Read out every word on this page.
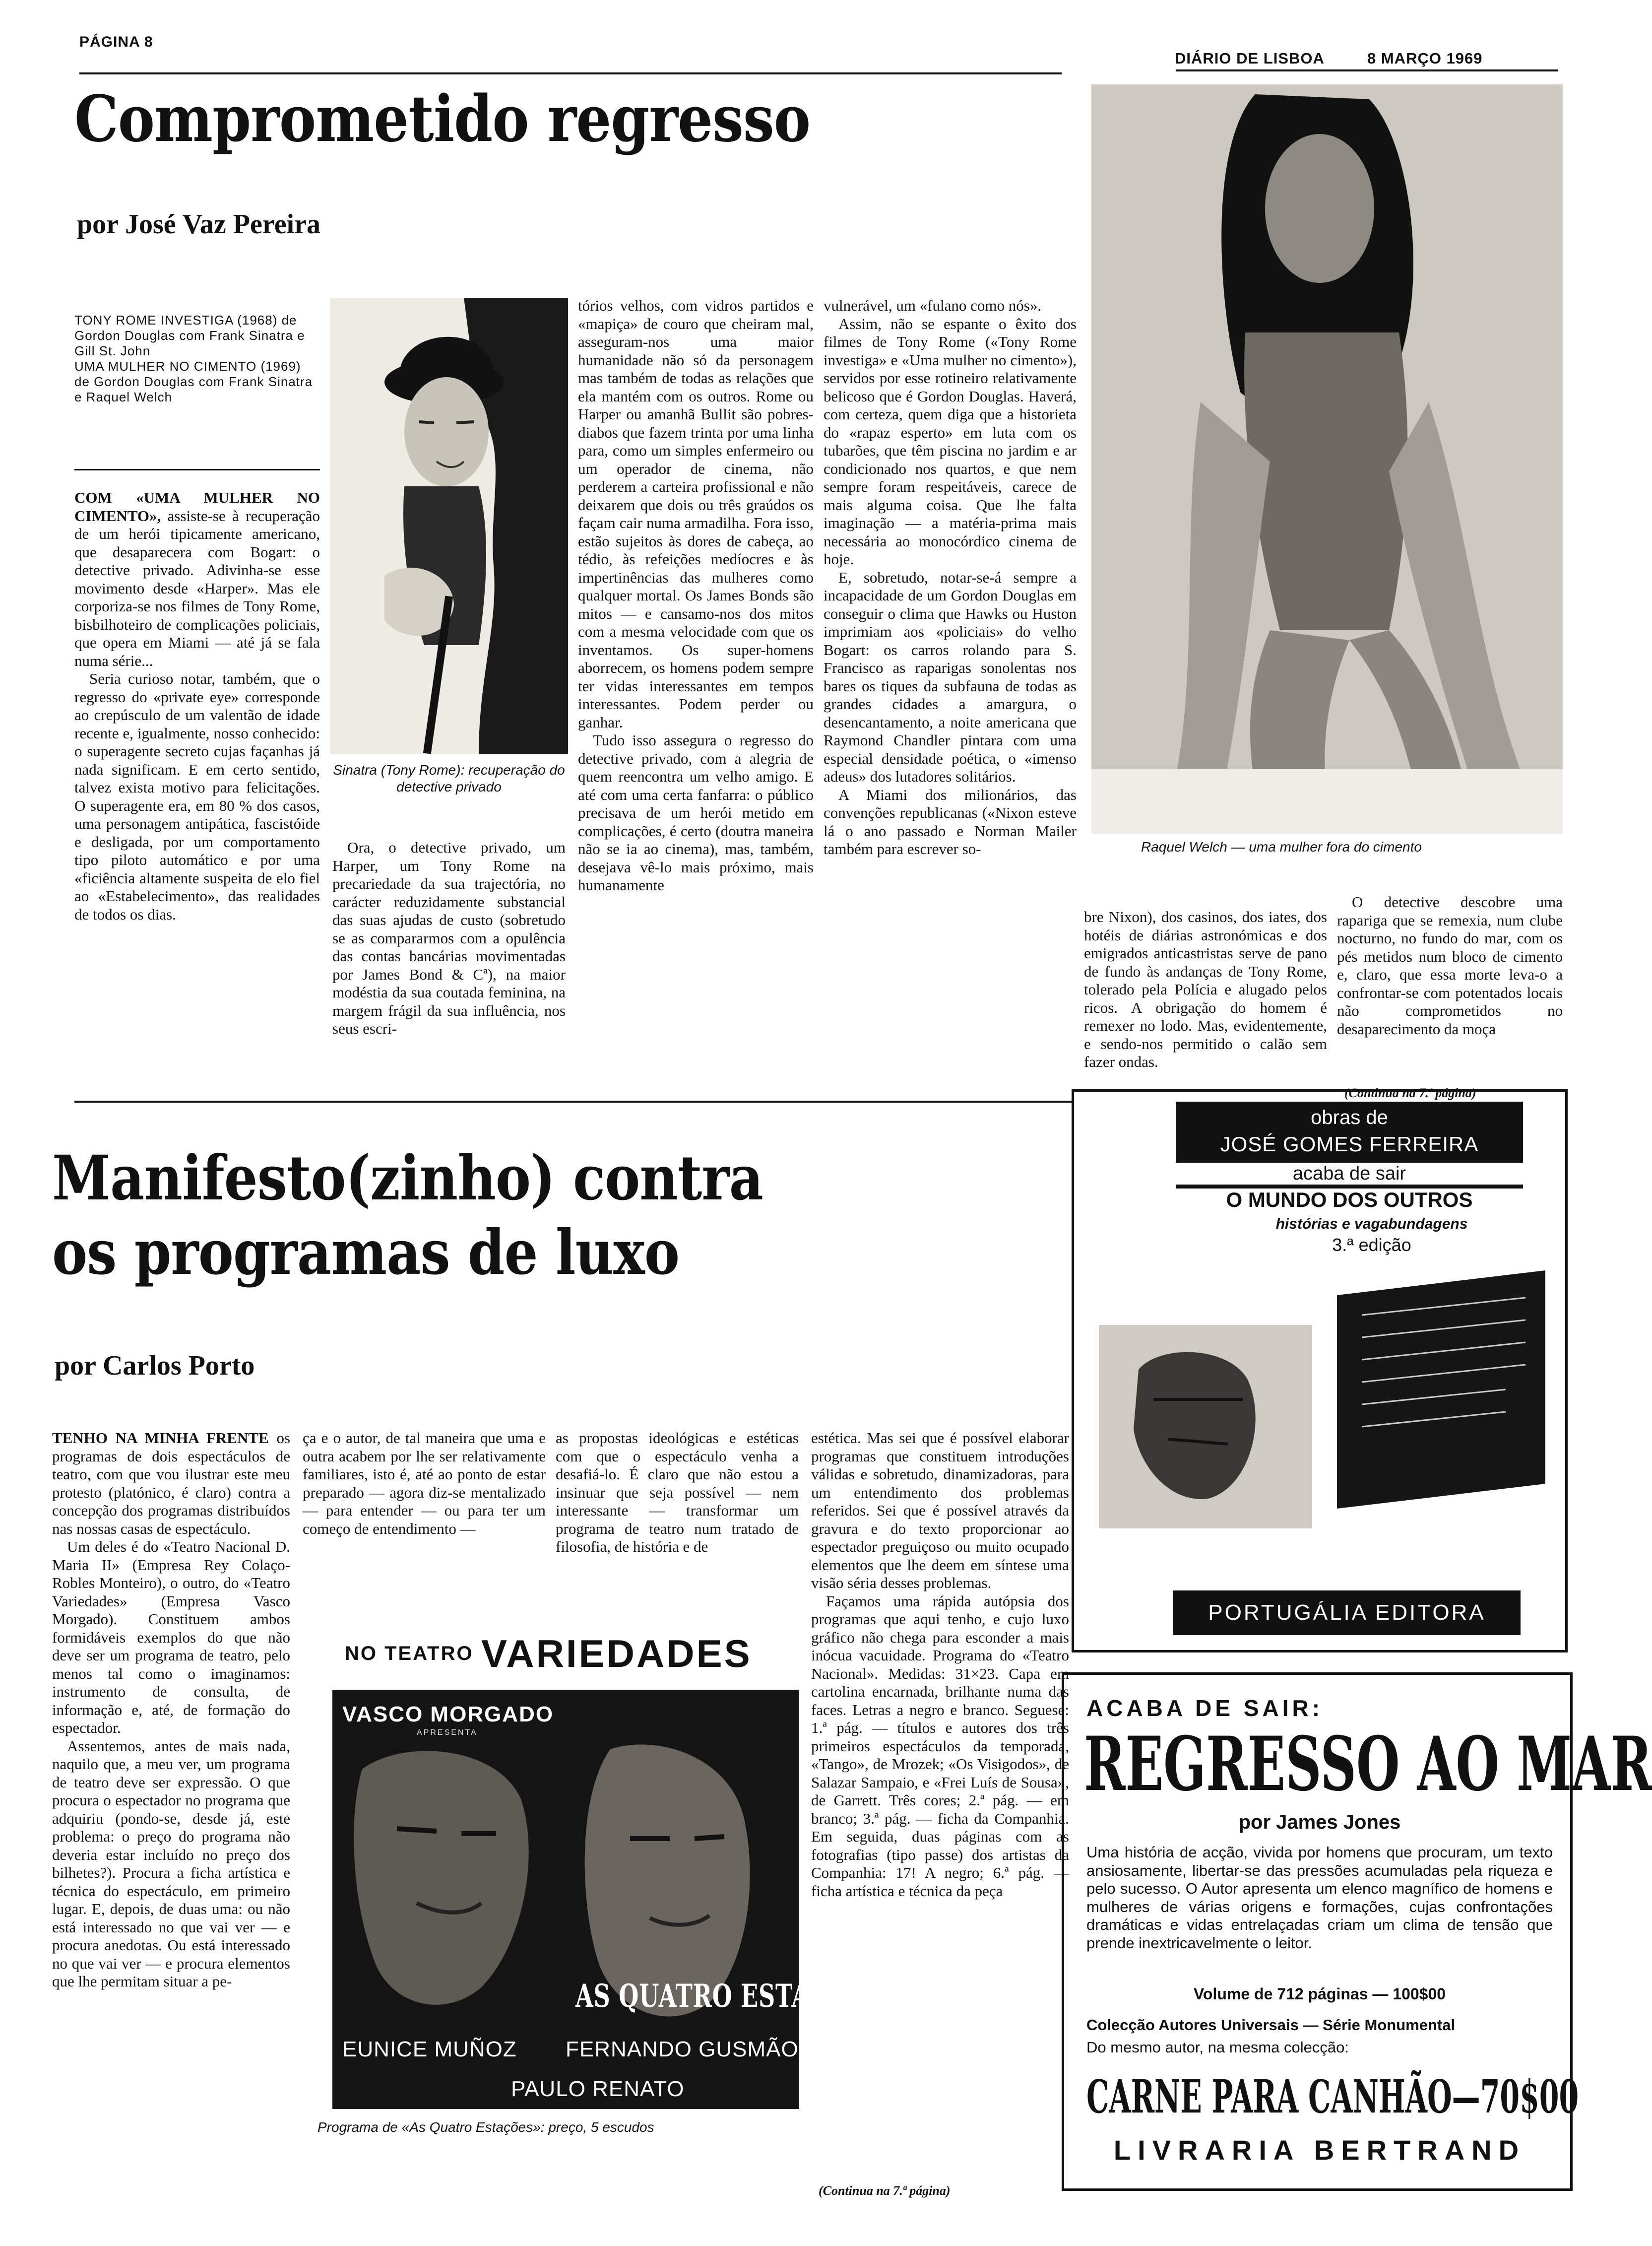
PÁGINA 8
DIÁRIO DE LISBOA	8 MARÇO 1969
Comprometido regresso
por José Vaz Pereira
TONY ROME INVESTIGA (1968) de Gordon Douglas com Frank Sinatra e Gill St. John
UMA MULHER NO CIMENTO (1969) de Gordon Douglas com Frank Sinatra e Raquel Welch

COM «UMA MULHER NO CIMENTO», assiste-se à recuperação de um herói tipicamente americano, que desaparecera com Bogart: o detective privado. Adivinha-se esse movimento desde «Harper». Mas ele corporiza-se nos filmes de Tony Rome, bisbilhoteiro de complicações policiais, que opera em Miami — até já se fala numa série...

Seria curioso notar, também, que o regresso do «private eye» corresponde ao crepúsculo de um valentão de idade recente e, igualmente, nosso conhecido: o superagente secreto cujas façanhas já nada significam. E em certo sentido, talvez exista motivo para felicitações. O superagente era, em 80 % dos casos, uma personagem antipática, fascistóide e desligada, por um comportamento tipo piloto automático e por uma «ficiência altamente suspeita de elo fiel ao «Estabelecimento», das realidades de todos os dias.

Sinatra (Tony Rome): recuperação do detective privado

Ora, o detective privado, um Harper, um Tony Rome na precariedade da sua trajectória, no carácter reduzidamente substancial das suas ajudas de custo (sobretudo se as compararmos com a opulência das contas bancárias movimentadas por James Bond & Cª), na maior modéstia da sua coutada feminina, na margem frágil da sua influência, nos seus escri-

tórios velhos, com vidros partidos e «mapiça» de couro que cheiram mal, asseguram-nos uma maior humanidade não só da personagem mas também de todas as relações que ela mantém com os outros. Rome ou Harper ou amanhã Bullit são pobres-diabos que fazem trinta por uma linha para, como um simples enfermeiro ou um operador de cinema, não perderem a carteira profissional e não deixarem que dois ou três graúdos os façam cair numa armadilha. Fora isso, estão sujeitos às dores de cabeça, ao tédio, às refeições medíocres e às impertinências das mulheres como qualquer mortal. Os James Bonds são mitos — e cansamo-nos dos mitos com a mesma velocidade com que os inventamos. Os super-homens aborrecem, os homens podem sempre ter vidas interessantes em tempos interessantes. Podem perder ou ganhar.

Tudo isso assegura o regresso do detective privado, com a alegria de quem reencontra um velho amigo. E até com uma certa fanfarra: o público precisava de um herói metido em complicações, é certo (doutra maneira não se ia ao cinema), mas, também, desejava vê-lo mais próximo, mais humanamente

vulnerável, um «fulano como nós».

Assim, não se espante o êxito dos filmes de Tony Rome («Tony Rome investiga» e «Uma mulher no cimento»), servidos por esse rotineiro relativamente belicoso que é Gordon Douglas. Haverá, com certeza, quem diga que a historieta do «rapaz esperto» em luta com os tubarões, que têm piscina no jardim e ar condicionado nos quartos, e que nem sempre foram respeitáveis, carece de mais alguma coisa. Que lhe falta imaginação — a matéria-prima mais necessária ao monocórdico cinema de hoje.

E, sobretudo, notar-se-á sempre a incapacidade de um Gordon Douglas em conseguir o clima que Hawks ou Huston imprimiam aos «policiais» do velho Bogart: os carros rolando para S. Francisco as raparigas sonolentas nos bares os tiques da subfauna de todas as grandes cidades a amargura, o desencantamento, a noite americana que Raymond Chandler pintara com uma especial densidade poética, o «imenso adeus» dos lutadores solitários.

A Miami dos milionários, das convenções republicanas («Nixon esteve lá o ano passado e Norman Mailer também para escrever so-	Raquel Welch — uma mulher fora do cimento

bre Nixon), dos casinos, dos iates, dos hotéis de diárias astronómicas e dos emigrados anticastristas serve de pano de fundo às andanças de Tony Rome, tolerado pela Polícia e alugado pelos ricos. A obrigação do homem é remexer no lodo. Mas, evidentemente, e sendo-nos permitido o calão sem fazer ondas.

O detective descobre uma rapariga que se remexia, num clube nocturno, no fundo do mar, com os pés metidos num bloco de cimento e, claro, que essa morte leva-o a confrontar-se com potentados locais não comprometidos no desaparecimento da moça

(Continua na 7.ª página)
Manifesto(zinho) contra
os programas de luxo
por Carlos Porto

TENHO NA MINHA FRENTE os programas de dois espectáculos de teatro, com que vou ilustrar este meu protesto (platónico, é claro) contra a concepção dos programas distribuídos nas nossas casas de espectáculo.

Um deles é do «Teatro Nacional D. Maria II» (Empresa Rey Colaço-Robles Monteiro), o outro, do «Teatro Variedades» (Empresa Vasco Morgado). Constituem ambos formidáveis exemplos do que não deve ser um programa de teatro, pelo menos tal como o imaginamos: instrumento de consulta, de informação e, até, de formação do espectador.

Assentemos, antes de mais nada, naquilo que, a meu ver, um programa de teatro deve ser expressão. O que procura o espectador no programa que adquiriu (pondo-se, desde já, este problema: o preço do programa não deveria estar incluído no preço dos bilhetes?). Procura a ficha artística e técnica do espectáculo, em primeiro lugar. E, depois, de duas uma: ou não está interessado no que vai ver — e procura anedotas. Ou está interessado no que vai ver — e procura elementos que lhe permitam situar a pe-

ça e o autor, de tal maneira que uma e outra acabem por lhe ser relativamente familiares, isto é, até ao ponto de estar preparado — agora diz-se mentalizado — para entender — ou para ter um começo de entendimento —

as propostas ideológicas e estéticas com que o espectáculo venha a desafiá-lo. É claro que não estou a insinuar que seja possível — nem interessante — transformar um programa de teatro num tratado de filosofia, de história e de

estética. Mas sei que é possível elaborar programas que constituem introduções válidas e sobretudo, dinamizadoras, para um entendimento dos problemas referidos. Sei que é possível através da gravura e do texto proporcionar ao espectador preguiçoso ou muito ocupado elementos que lhe deem em síntese uma visão séria desses problemas.

Façamos uma rápida autópsia dos programas que aqui tenho, e cujo luxo gráfico não chega para esconder a mais inócua vacuidade. Programa do «Teatro Nacional». Medidas: 31×23. Capa em cartolina encarnada, brilhante numa das faces. Letras a negro e branco. Seguese: 1.ª pág. — títulos e autores dos três primeiros espectáculos da temporada, «Tango», de Mrozek; «Os Visigodos», de Salazar Sampaio, e «Frei Luís de Sousa», de Garrett. Três cores; 2.ª pág. — em branco; 3.ª pág. — ficha da Companhia. Em seguida, duas páginas com as fotografias (tipo passe) dos artistas da Companhia: 17! A negro; 6.ª pág. — ficha artística e técnica da peça

NO TEATRO VARIEDADES
VASCO MORGADO
APRESENTA
AS QUATRO ESTAÇÕES
EUNICE MUÑOZ FERNANDO GUSMÃO
PAULO RENATO
Programa de «As Quatro Estações»: preço, 5 escudos
(Continua na 7.ª página)
obras de
JOSÉ GOMES FERREIRA
acaba de sair
O MUNDO DOS OUTROS
histórias e vagabundagens
3.ª edição
PORTUGÁLIA EDITORA
ACABA DE SAIR:
REGRESSO AO MAR
por James Jones
Uma história de acção, vivida por homens que procuram, um texto ansiosamente, libertar-se das pressões acumuladas pela riqueza e pelo sucesso. O Autor apresenta um elenco magnífico de homens e mulheres de várias origens e formações, cujas confrontações dramáticas e vidas entrelaçadas criam um clima de tensão que prende inextricavelmente o leitor.
Volume de 712 páginas — 100$00
Colecção Autores Universais — Série Monumental
Do mesmo autor, na mesma colecção:
CARNE PARA CANHÃO—70$00
LIVRARIA BERTRAND
